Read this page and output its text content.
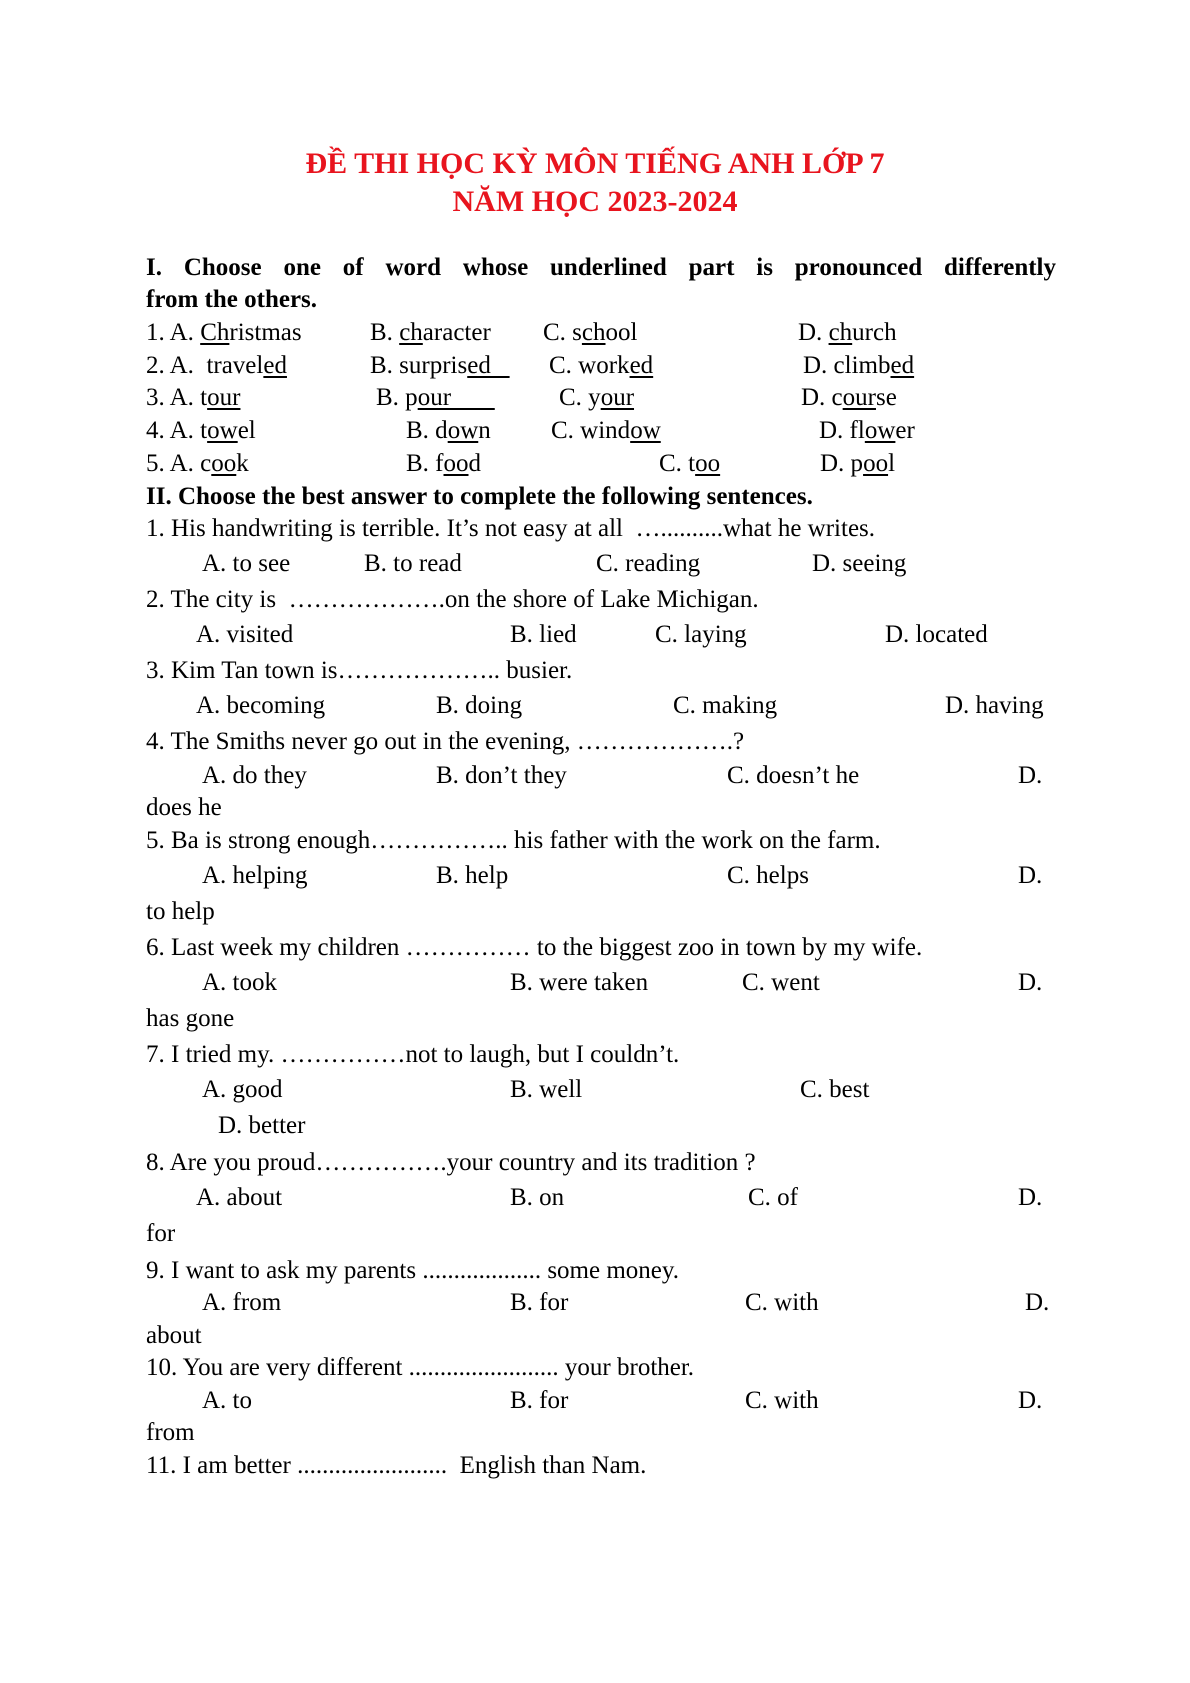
ĐỀ THI HỌC KỲ MÔN TIẾNG ANH LỚP 7
NĂM HỌC 2023-2024
I. Choose one of word whose underlined part is pronounced differently
from the others.
1. A. Christmas	B. character C. school	D. church
2. A.  traveled	B. surprised C. worked	D. climbed
3. A. tour	B. pour	C. your	D. course
4. A. towel	B. down C. window	D. flower
5. A. cook	B. food	C. too	D. pool
II. Choose the best answer to complete the following sentences.
1. His handwriting is terrible. It’s not easy at all  …..........what he writes.
A. to see	B. to read	C. reading	D. seeing
2. The city is  ……………….on the shore of Lake Michigan.
A. visited	B. lied	C. laying	D. located
3. Kim Tan town is……………….. busier.
A. becoming	B. doing	C. making	D. having
4. The Smiths never go out in the evening, ……………….?
A. do they	B. don’t they	C. doesn’t he	D.
does he
5. Ba is strong enough…………….. his father with the work on the farm.
A. helping	B. help	C. helps	D.
to help
6. Last week my children …………… to the biggest zoo in town by my wife.
A. took	B. were taken	C. went	D.
has gone
7. I tried my. ……………not to laugh, but I couldn’t.
A. good	B. well	C. best
D. better
8. Are you proud…………….your country and its tradition ?
A. about	B. on	C. of	D.
for
9. I want to ask my parents ................... some money.
A. from	B. for	C. with	D.
about
10. You are very different ........................ your brother.
A. to	B. for	C. with	D.
from
11. I am better ........................  English than Nam.
